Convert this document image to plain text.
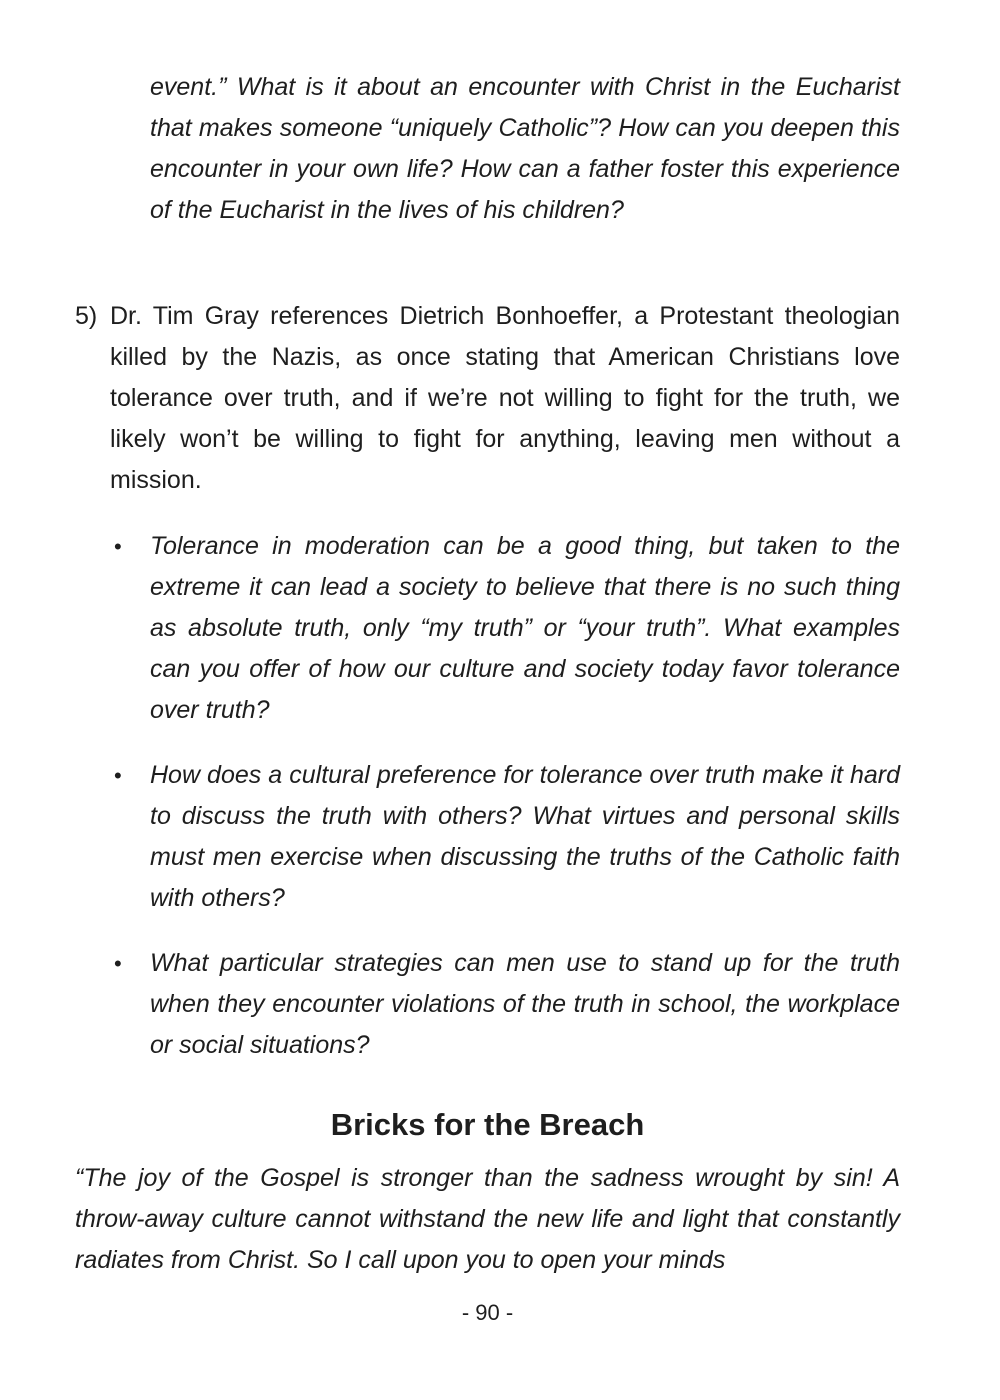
event.” What is it about an encounter with Christ in the Eucharist that makes someone “uniquely Catholic”? How can you deepen this encounter in your own life? How can a father foster this experience of the Eucharist in the lives of his children?

5) Dr. Tim Gray references Dietrich Bonhoeffer, a Protestant theologian killed by the Nazis, as once stating that American Christians love tolerance over truth, and if we’re not willing to fight for the truth, we likely won’t be willing to fight for anything, leaving men without a mission.

• Tolerance in moderation can be a good thing, but taken to the extreme it can lead a society to believe that there is no such thing as absolute truth, only “my truth” or “your truth”. What examples can you offer of how our culture and society today favor tolerance over truth?

• How does a cultural preference for tolerance over truth make it hard to discuss the truth with others? What virtues and personal skills must men exercise when discussing the truths of the Catholic faith with others?

• What particular strategies can men use to stand up for the truth when they encounter violations of the truth in school, the workplace or social situations?

Bricks for the Breach

“The joy of the Gospel is stronger than the sadness wrought by sin! A throw-away culture cannot withstand the new life and light that constantly radiates from Christ. So I call upon you to open your minds

- 90 -
